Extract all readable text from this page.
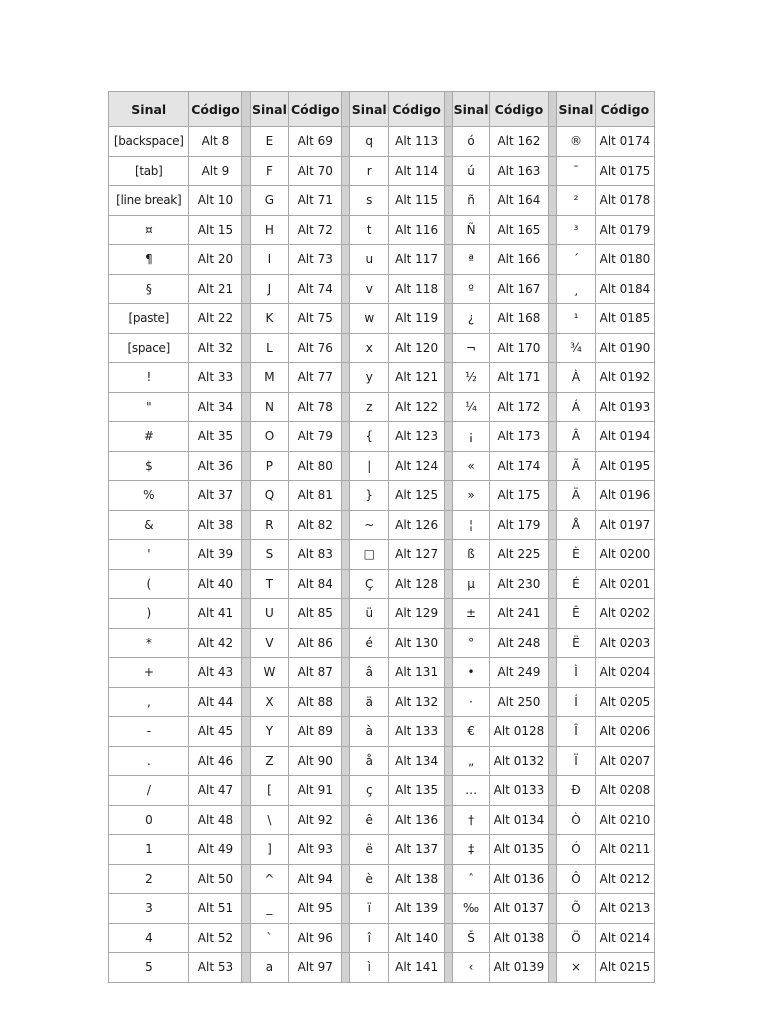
Sinal	Código		Sinal	Código		Sinal	Código		Sinal	Código		Sinal	Código
[backspace]	Alt 8		E	Alt 69		q	Alt 113		ó	Alt 162		®	Alt 0174
[tab]	Alt 9		F	Alt 70		r	Alt 114		ú	Alt 163		¯	Alt 0175
[line break]	Alt 10		G	Alt 71		s	Alt 115		ñ	Alt 164		²	Alt 0178
¤	Alt 15		H	Alt 72		t	Alt 116		Ñ	Alt 165		³	Alt 0179
¶	Alt 20		I	Alt 73		u	Alt 117		ª	Alt 166		´	Alt 0180
§	Alt 21		J	Alt 74		v	Alt 118		º	Alt 167		¸	Alt 0184
[paste]	Alt 22		K	Alt 75		w	Alt 119		¿	Alt 168		¹	Alt 0185
[space]	Alt 32		L	Alt 76		x	Alt 120		¬	Alt 170		¾	Alt 0190
!	Alt 33		M	Alt 77		y	Alt 121		½	Alt 171		À	Alt 0192
"	Alt 34		N	Alt 78		z	Alt 122		¼	Alt 172		Á	Alt 0193
#	Alt 35		O	Alt 79		{	Alt 123		¡	Alt 173		Â	Alt 0194
$	Alt 36		P	Alt 80		|	Alt 124		«	Alt 174		Ã	Alt 0195
%	Alt 37		Q	Alt 81		}	Alt 125		»	Alt 175		Ä	Alt 0196
&	Alt 38		R	Alt 82		~	Alt 126		¦	Alt 179		Å	Alt 0197
'	Alt 39		S	Alt 83		□	Alt 127		ß	Alt 225		È	Alt 0200
(	Alt 40		T	Alt 84		Ç	Alt 128		µ	Alt 230		É	Alt 0201
)	Alt 41		U	Alt 85		ü	Alt 129		±	Alt 241		Ê	Alt 0202
*	Alt 42		V	Alt 86		é	Alt 130		°	Alt 248		Ë	Alt 0203
+	Alt 43		W	Alt 87		â	Alt 131		•	Alt 249		Ì	Alt 0204
,	Alt 44		X	Alt 88		ä	Alt 132		·	Alt 250		Í	Alt 0205
-	Alt 45		Y	Alt 89		à	Alt 133		€	Alt 0128		Î	Alt 0206
.	Alt 46		Z	Alt 90		å	Alt 134		„	Alt 0132		Ï	Alt 0207
/	Alt 47		[	Alt 91		ç	Alt 135		…	Alt 0133		Ð	Alt 0208
0	Alt 48		\	Alt 92		ê	Alt 136		†	Alt 0134		Ò	Alt 0210
1	Alt 49		]	Alt 93		ë	Alt 137		‡	Alt 0135		Ó	Alt 0211
2	Alt 50		^	Alt 94		è	Alt 138		ˆ	Alt 0136		Ô	Alt 0212
3	Alt 51		_	Alt 95		ï	Alt 139		‰	Alt 0137		Õ	Alt 0213
4	Alt 52		`	Alt 96		î	Alt 140		Š	Alt 0138		Ö	Alt 0214
5	Alt 53		a	Alt 97		ì	Alt 141		‹	Alt 0139		×	Alt 0215
